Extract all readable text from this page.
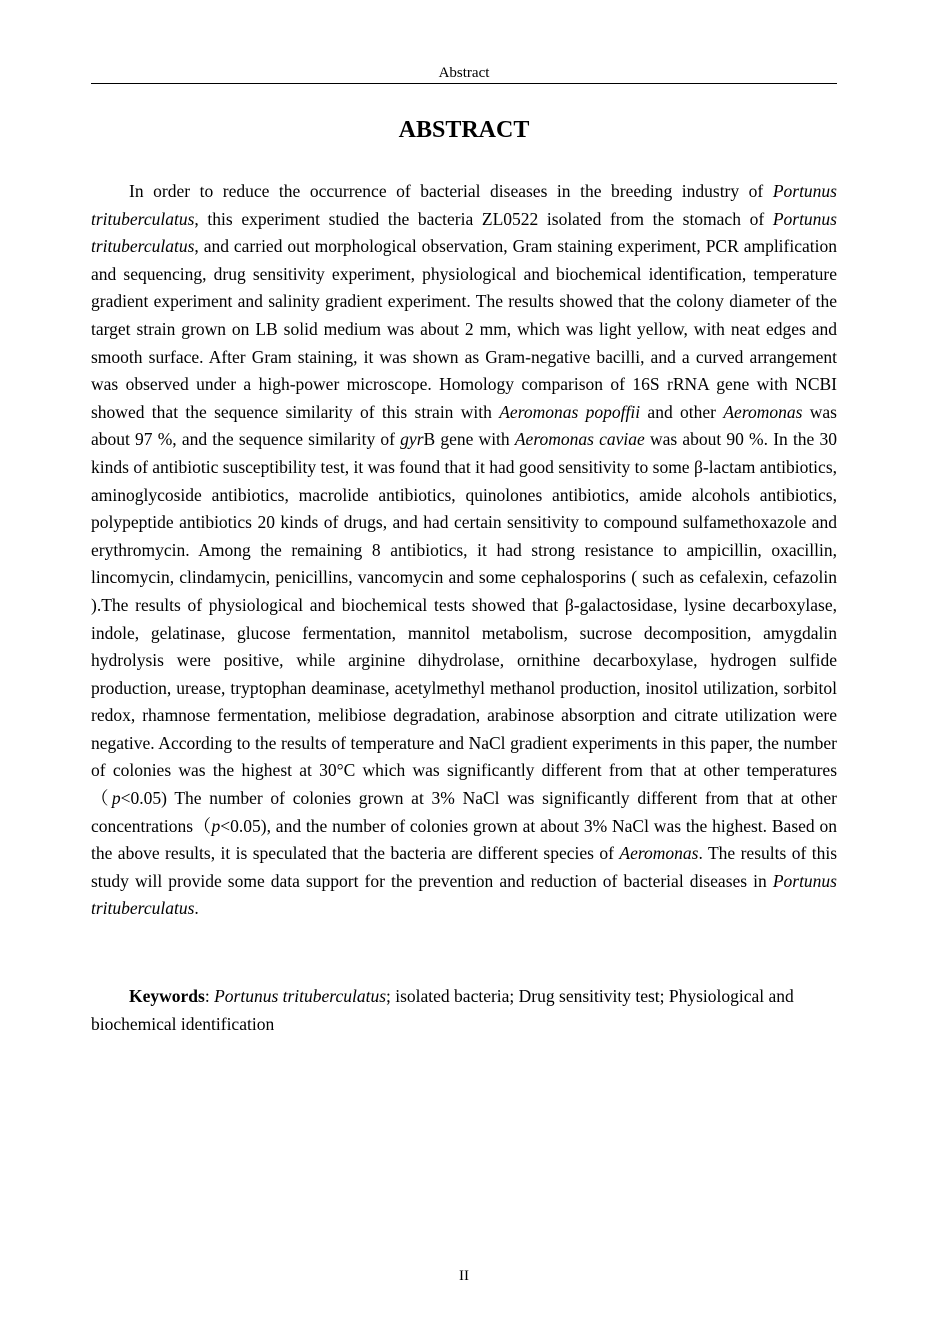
Abstract
ABSTRACT

In order to reduce the occurrence of bacterial diseases in the breeding industry of Portunus trituberculatus, this experiment studied the bacteria ZL0522 isolated from the stomach of Portunus trituberculatus, and carried out morphological observation, Gram staining experiment, PCR amplification and sequencing, drug sensitivity experiment, physiological and biochemical identification, temperature gradient experiment and salinity gradient experiment. The results showed that the colony diameter of the target strain grown on LB solid medium was about 2 mm, which was light yellow, with neat edges and smooth surface. After Gram staining, it was shown as Gram-negative bacilli, and a curved arrangement was observed under a high-power microscope. Homology comparison of 16S rRNA gene with NCBI showed that the sequence similarity of this strain with Aeromonas popoffii and other Aeromonas was about 97 %, and the sequence similarity of gyrB gene with Aeromonas caviae was about 90 %. In the 30 kinds of antibiotic susceptibility test, it was found that it had good sensitivity to some β-lactam antibiotics, aminoglycoside antibiotics, macrolide antibiotics, quinolones antibiotics, amide alcohols antibiotics, polypeptide antibiotics 20 kinds of drugs, and had certain sensitivity to compound sulfamethoxazole and erythromycin. Among the remaining 8 antibiotics, it had strong resistance to ampicillin, oxacillin, lincomycin, clindamycin, penicillins, vancomycin and some cephalosporins ( such as cefalexin, cefazolin ).The results of physiological and biochemical tests showed that β-galactosidase, lysine decarboxylase, indole, gelatinase, glucose fermentation, mannitol metabolism, sucrose decomposition, amygdalin hydrolysis were positive, while arginine dihydrolase, ornithine decarboxylase, hydrogen sulfide production, urease, tryptophan deaminase, acetylmethyl methanol production, inositol utilization, sorbitol redox, rhamnose fermentation, melibiose degradation, arabinose absorption and citrate utilization were negative. According to the results of temperature and NaCl gradient experiments in this paper, the number of colonies was the highest at 30°C which was significantly different from that at other temperatures（p<0.05) The number of colonies grown at 3% NaCl was significantly different from that at other concentrations（p<0.05), and the number of colonies grown at about 3% NaCl was the highest. Based on the above results, it is speculated that the bacteria are different species of Aeromonas. The results of this study will provide some data support for the prevention and reduction of bacterial diseases in Portunus trituberculatus.

Keywords: Portunus trituberculatus; isolated bacteria; Drug sensitivity test; Physiological and biochemical identification

II
